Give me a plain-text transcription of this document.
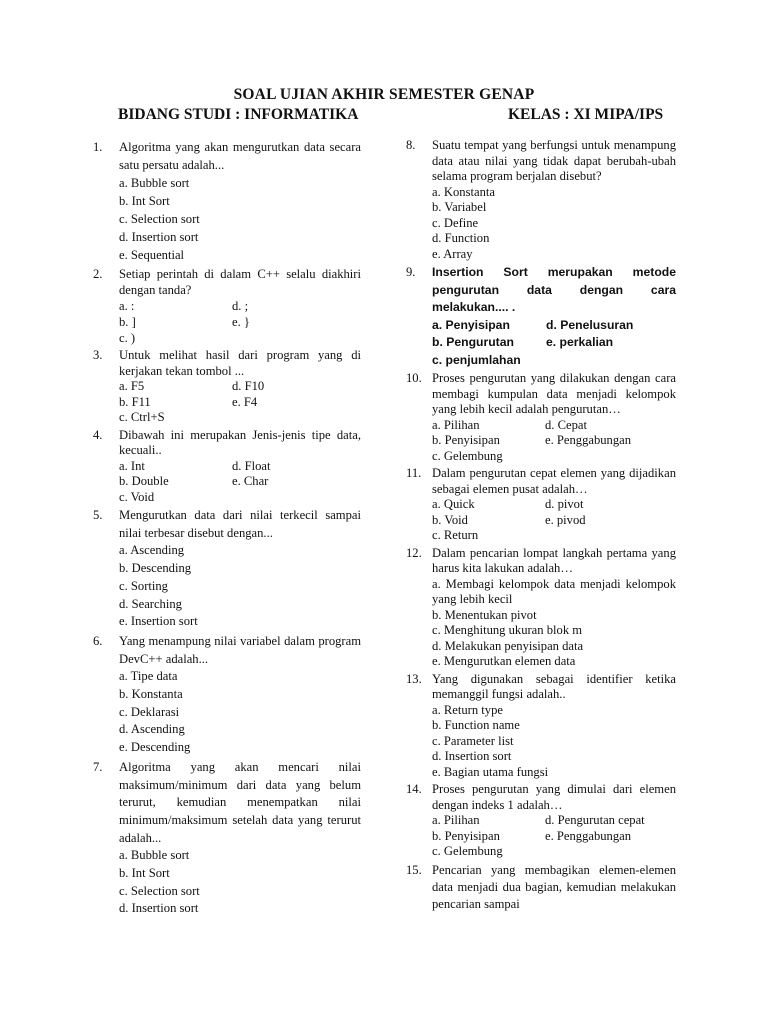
SOAL UJIAN AKHIR SEMESTER GENAP
BIDANG STUDI : INFORMATIKA	KELAS : XI MIPA/IPS
1.	Algoritma yang akan mengurutkan data secara satu persatu adalah...
a. Bubble sort
b. Int Sort
c. Selection sort
d. Insertion sort
e. Sequential
2.	Setiap perintah di dalam C++ selalu diakhiri dengan tanda?
a. :	d. ;
b. ]	e. }
c. )
3.	Untuk melihat hasil dari program yang di kerjakan tekan tombol ...
a. F5	d. F10
b. F11	e. F4
c. Ctrl+S
4.	Dibawah ini merupakan Jenis-jenis tipe data, kecuali..
a. Int	d. Float
b. Double	e. Char
c. Void
5.	Mengurutkan data dari nilai terkecil sampai nilai terbesar disebut dengan...
a. Ascending
b. Descending
c. Sorting
d. Searching
e. Insertion sort
6.	Yang menampung nilai variabel dalam program DevC++ adalah...
a. Tipe data
b. Konstanta
c. Deklarasi
d. Ascending
e. Descending
7.	Algoritma yang akan mencari nilai maksimum/minimum dari data yang belum terurut, kemudian menempatkan nilai minimum/maksimum setelah data yang terurut adalah...
a. Bubble sort
b. Int Sort
c. Selection sort
d. Insertion sort
8.	Suatu tempat yang berfungsi untuk menampung data atau nilai yang tidak dapat berubah-ubah selama program berjalan disebut?
a. Konstanta
b. Variabel
c. Define
d. Function
e. Array
9.	Insertion Sort merupakan metode pengurutan data dengan cara melakukan.... .
a. Penyisipan	d. Penelusuran
b. Pengurutan	e. perkalian
c. penjumlahan
10. Proses pengurutan yang dilakukan dengan cara membagi kumpulan data menjadi kelompok yang lebih kecil adalah pengurutan…
a. Pilihan	d. Cepat
b. Penyisipan	e. Penggabungan
c. Gelembung
11. Dalam pengurutan cepat elemen yang dijadikan sebagai elemen pusat adalah…
a. Quick	d. pivot
b. Void	e. pivod
c. Return
12. Dalam pencarian lompat langkah pertama yang harus kita lakukan adalah…
a. Membagi kelompok data menjadi kelompok yang lebih kecil
b. Menentukan pivot
c. Menghitung ukuran blok m
d. Melakukan penyisipan data
e. Mengurutkan elemen data
13. Yang digunakan sebagai identifier ketika memanggil fungsi adalah..
a. Return type
b. Function name
c. Parameter list
d. Insertion sort
e. Bagian utama fungsi
14. Proses pengurutan yang dimulai dari elemen dengan indeks 1 adalah…
a. Pilihan	d. Pengurutan cepat
b. Penyisipan	e. Penggabungan
c. Gelembung
15. Pencarian yang membagikan elemen-elemen data menjadi dua bagian, kemudian melakukan pencarian sampai
